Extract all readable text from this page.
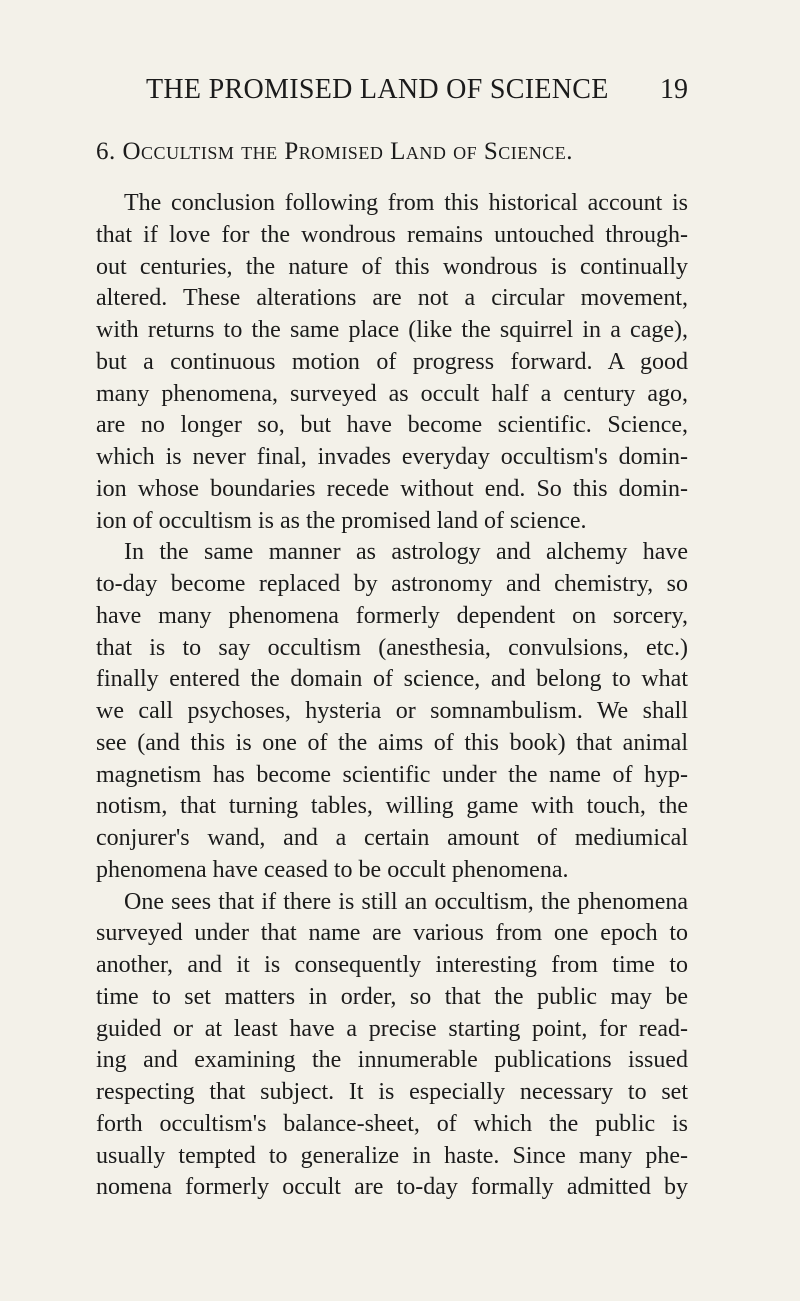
THE PROMISED LAND OF SCIENCE 19
6. Occultism the Promised Land of Science.
The conclusion following from this historical account is
that if love for the wondrous remains untouched through-
out centuries, the nature of this wondrous is continually
altered. These alterations are not a circular movement,
with returns to the same place (like the squirrel in a cage),
but a continuous motion of progress forward. A good
many phenomena, surveyed as occult half a century ago,
are no longer so, but have become scientific. Science,
which is never final, invades everyday occultism's domin-
ion whose boundaries recede without end. So this domin-
ion of occultism is as the promised land of science.
In the same manner as astrology and alchemy have
to-day become replaced by astronomy and chemistry, so
have many phenomena formerly dependent on sorcery,
that is to say occultism (anesthesia, convulsions, etc.)
finally entered the domain of science, and belong to what
we call psychoses, hysteria or somnambulism. We shall
see (and this is one of the aims of this book) that animal
magnetism has become scientific under the name of hyp-
notism, that turning tables, willing game with touch, the
conjurer's wand, and a certain amount of mediumical
phenomena have ceased to be occult phenomena.
One sees that if there is still an occultism, the phenomena
surveyed under that name are various from one epoch to
another, and it is consequently interesting from time to
time to set matters in order, so that the public may be
guided or at least have a precise starting point, for read-
ing and examining the innumerable publications issued
respecting that subject. It is especially necessary to set
forth occultism's balance-sheet, of which the public is
usually tempted to generalize in haste. Since many phe-
nomena formerly occult are to-day formally admitted by
